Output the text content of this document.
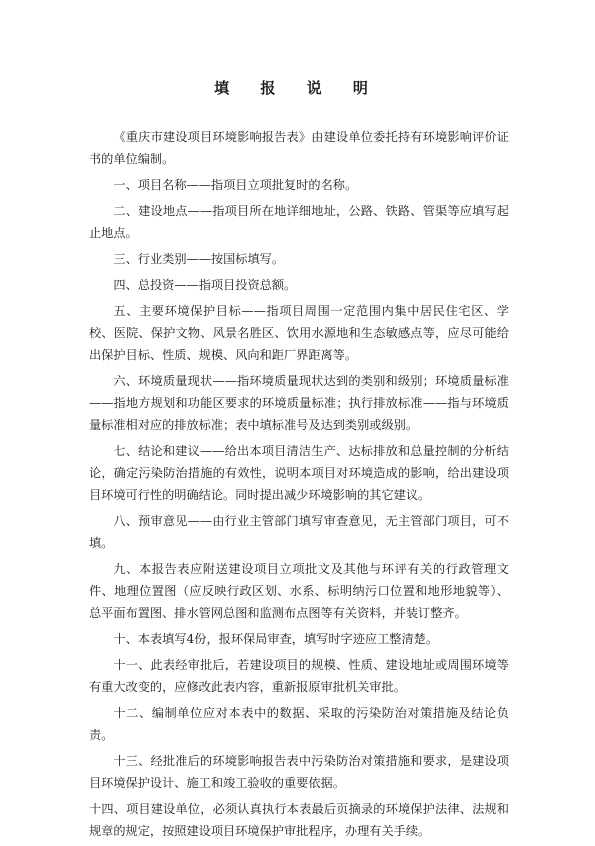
填 报 说 明

《重庆市建设项目环境影响报告表》由建设单位委托持有环境影响评价证书的单位编制。

一、项目名称——指项目立项批复时的名称。

二、建设地点——指项目所在地详细地址，公路、铁路、管渠等应填写起止地点。

三、行业类别——按国标填写。

四、总投资——指项目投资总额。

五、主要环境保护目标——指项目周围一定范围内集中居民住宅区、学校、医院、保护文物、风景名胜区、饮用水源地和生态敏感点等，应尽可能给出保护目标、性质、规模、风向和距厂界距离等。

六、环境质量现状——指环境质量现状达到的类别和级别；环境质量标准——指地方规划和功能区要求的环境质量标准；执行排放标准——指与环境质量标准相对应的排放标准；表中填标准号及达到类别或级别。

七、结论和建议——给出本项目清洁生产、达标排放和总量控制的分析结论，确定污染防治措施的有效性，说明本项目对环境造成的影响，给出建设项目环境可行性的明确结论。同时提出减少环境影响的其它建议。

八、预审意见——由行业主管部门填写审查意见，无主管部门项目，可不填。

九、本报告表应附送建设项目立项批文及其他与环评有关的行政管理文件、地理位置图（应反映行政区划、水系、标明纳污口位置和地形地貌等）、总平面布置图、排水管网总图和监测布点图等有关资料，并装订整齐。

十、本表填写4份，报环保局审查，填写时字迹应工整清楚。

十一、此表经审批后，若建设项目的规模、性质、建设地址或周围环境等有重大改变的，应修改此表内容，重新报原审批机关审批。

十二、编制单位应对本表中的数据、采取的污染防治对策措施及结论负责。

十三、经批准后的环境影响报告表中污染防治对策措施和要求，是建设项目环境保护设计、施工和竣工验收的重要依据。

十四、项目建设单位，必须认真执行本表最后页摘录的环境保护法律、法规和规章的规定，按照建设项目环境保护审批程序，办理有关手续。
